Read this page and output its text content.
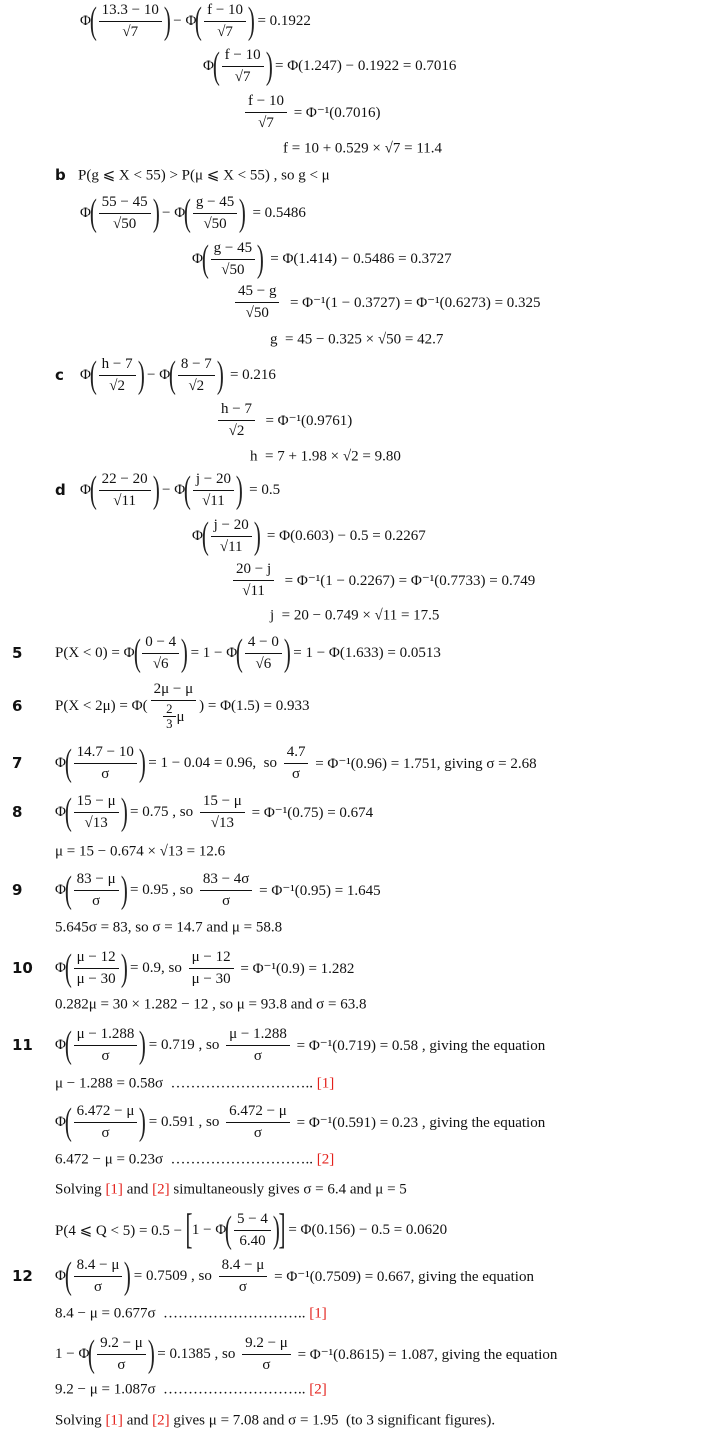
Φ
( 13.3 − 10
√7 )
− Φ
( f − 10
√7 )
= 0.1922
Φ
( f − 10
√7 )
= Φ(1.247) − 0.1922 = 0.7016
f − 10
√7
= Φ⁻¹(0.7016)
f = 10 + 0.529 × √7 = 11.4
b P(g ⩽ X < 55) > P(μ ⩽ X < 55) , so g < μ
Φ
( 55 − 45
√50 )
− Φ
( g − 45
√50 )
= 0.5486
Φ
( g − 45
√50 )
= Φ(1.414) − 0.5486 = 0.3727
45 − g
√50
= Φ⁻¹(1 − 0.3727) = Φ⁻¹(0.6273) = 0.325
g  = 45 − 0.325 × √50 = 42.7
c Φ
( h − 7
√2 )
− Φ
( 8 − 7
√2 )
= 0.216
h − 7
√2
= Φ⁻¹(0.9761)
h  = 7 + 1.98 × √2 = 9.80
d Φ
( 22 − 20
√11 )
− Φ
( j − 20
√11 )
= 0.5
Φ
( j − 20
√11 )
= Φ(0.603) − 0.5 = 0.2267
20 − j
√11
= Φ⁻¹(1 − 0.2267) = Φ⁻¹(0.7733) = 0.749
j  = 20 − 0.749 × √11 = 17.5
5 P(X < 0) = Φ
( 0 − 4
√6 )
= 1 − Φ
( 4 − 0
√6 )
= 1 − Φ(1.633) = 0.0513
6 P(X < 2μ) = Φ(
2μ − μ
2
3 μ
) = Φ(1.5) = 0.933
7 Φ
( 14.7 − 10
σ )
= 1 − 0.04 = 0.96,  so
4.7
σ
= Φ⁻¹(0.96) = 1.751, giving σ = 2.68
8 Φ
( 15 − μ
√13 )
= 0.75 , so
15 − μ
√13
= Φ⁻¹(0.75) = 0.674
μ = 15 − 0.674 × √13 = 12.6
9 Φ
( 83 − μ
σ )
= 0.95 , so
83 − 4σ
σ
= Φ⁻¹(0.95) = 1.645
5.645σ = 83, so σ = 14.7 and μ = 58.8
10 Φ
( μ − 12
μ − 30 )
= 0.9, so
μ − 12
μ − 30
= Φ⁻¹(0.9) = 1.282
0.282μ = 30 × 1.282 − 12 , so μ = 93.8 and σ = 63.8
11 Φ
( μ − 1.288
σ )
= 0.719 , so
μ − 1.288
σ
= Φ⁻¹(0.719) = 0.58 , giving the equation
μ − 1.288 = 0.58σ  ……………………….. [1]
Φ
( 6.472 − μ
σ )
= 0.591 , so
6.472 − μ
σ
= Φ⁻¹(0.591) = 0.23 , giving the equation
6.472 − μ = 0.23σ  ……………………….. [2]
Solving [1] and [2] simultaneously gives σ = 6.4 and μ = 5
P(4 ⩽ Q < 5) = 0.5 − [ 1 − Φ
( 5 − 4
6.40 )
] = Φ(0.156) − 0.5 = 0.0620
12 Φ
( 8.4 − μ
σ )
= 0.7509 , so
8.4 − μ
σ
= Φ⁻¹(0.7509) = 0.667, giving the equation
8.4 − μ = 0.677σ  ……………………….. [1]
1 − Φ
( 9.2 − μ
σ )
= 0.1385 , so
9.2 − μ
σ
= Φ⁻¹(0.8615) = 1.087, giving the equation
9.2 − μ = 1.087σ  ……………………….. [2]
Solving [1] and [2] gives μ = 7.08 and σ = 1.95  (to 3 significant figures).
